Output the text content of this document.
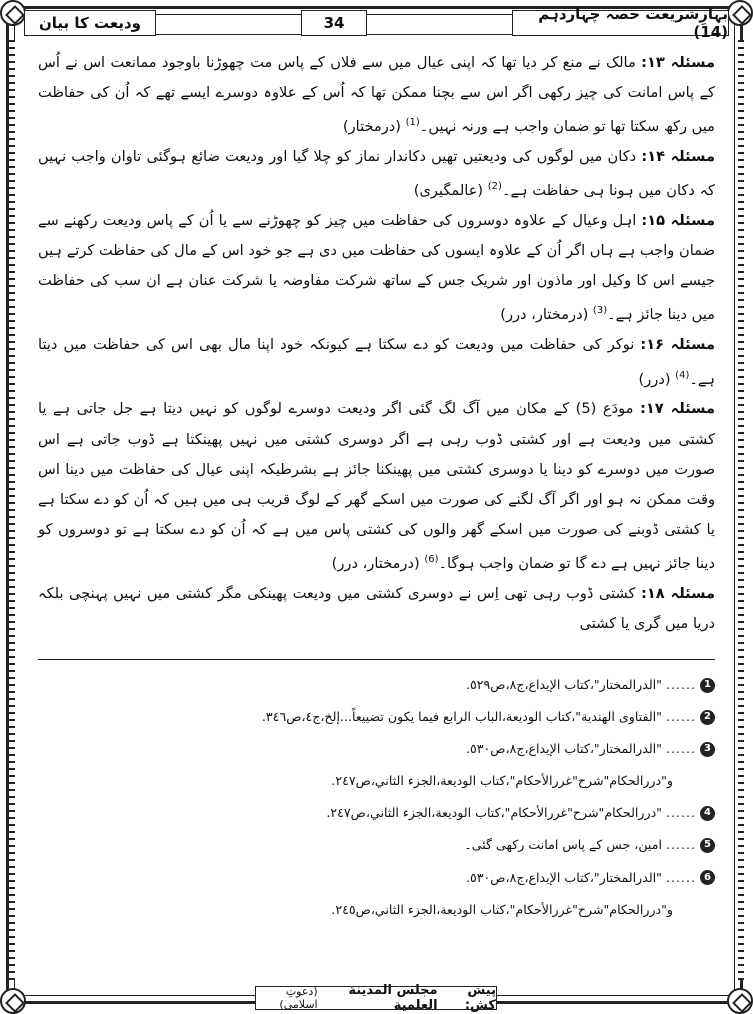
بہارِشریعت حصہ چہاردہم (14)
34
ودیعت کا بیان

مسئلہ ۱۳: مالک نے منع کر دیا تھا کہ اپنی عیال میں سے فلاں کے پاس مت چھوڑنا باوجود ممانعت اس نے اُس کے پاس امانت کی چیز رکھی اگر اس سے بچنا ممکن تھا کہ اُس کے علاوہ دوسرے ایسے تھے کہ اُن کی حفاظت میں رکھ سکتا تھا تو ضمان واجب ہے ورنہ نہیں۔$^{(1)}$ (درمختار)

مسئلہ ۱۴: دکان میں لوگوں کی ودیعتیں تھیں دکاندار نماز کو چلا گیا اور ودیعت ضائع ہوگئی تاوان واجب نہیں کہ دکان میں ہونا ہی حفاظت ہے۔$^{(2)}$ (عالمگیری)

مسئلہ ۱۵: اہل وعیال کے علاوہ دوسروں کی حفاظت میں چیز کو چھوڑنے سے یا اُن کے پاس ودیعت رکھنے سے ضمان واجب ہے ہاں اگر اُن کے علاوہ ایسوں کی حفاظت میں دی ہے جو خود اس کے مال کی حفاظت کرتے ہیں جیسے اس کا وکیل اور ماذون اور شریک جس کے ساتھ شرکت مفاوضہ یا شرکت عنان ہے ان سب کی حفاظت میں دینا جائز ہے۔$^{(3)}$ (درمختار، درر)

مسئلہ ۱۶: نوکر کی حفاظت میں ودیعت کو دے سکتا ہے کیونکہ خود اپنا مال بھی اس کی حفاظت میں دیتا ہے۔$^{(4)}$ (درر)

مسئلہ ۱۷: مودَع (5) کے مکان میں آگ لگ گئی اگر ودیعت دوسرے لوگوں کو نہیں دیتا ہے جل جاتی ہے یا کشتی میں ودیعت ہے اور کشتی ڈوب رہی ہے اگر دوسری کشتی میں نہیں پھینکتا ہے ڈوب جاتی ہے اس صورت میں دوسرے کو دینا یا دوسری کشتی میں پھینکنا جائز ہے بشرطیکہ اپنی عیال کی حفاظت میں دینا اس وقت ممکن نہ ہو اور اگر آگ لگنے کی صورت میں اسکے گھر کے لوگ قریب ہی میں ہیں کہ اُن کو دے سکتا ہے یا کشتی ڈوبنے کی صورت میں اسکے گھر والوں کی کشتی پاس میں ہے کہ اُن کو دے سکتا ہے تو دوسروں کو دینا جائز نہیں ہے دے گا تو ضمان واجب ہوگا۔$^{(6)}$ (درمختار، درر)

مسئلہ ۱۸: کشتی ڈوب رہی تھی اِس نے دوسری کشتی میں ودیعت پھینکی مگر کشتی میں نہیں پہنچی بلکہ دریا میں گری یا کشتی

1
......
"الدرالمختار"،كتاب الإيداع،ج٨،ص٥٢٩.
2
......
"الفتاوى الهندية"،كتاب الوديعة،الباب الرابع فيما يكون تضييعاً...إلخ،ج٤،ص٣٤٦.
3
......
"الدرالمختار"،كتاب الإيداع،ج٨،ص٥٣٠.
و"دررالحكام"شرح"غررالأحكام"،كتاب الوديعة،الجزء الثاني،ص٢٤٧.
4
......
"دررالحكام"شرح"غررالأحكام"،كتاب الوديعة،الجزء الثاني،ص٢٤٧.
5
......
امین، جس کے پاس امانت رکھی گئی۔
6
......
"الدرالمختار"،كتاب الإيداع،ج٨،ص٥٣٠.
و"دررالحكام"شرح"غررالأحكام"،كتاب الوديعة،الجزء الثاني،ص٢٤٥.
پیش کش:

مجلس المدينة العلمية

(دعوتِ اسلامی)
